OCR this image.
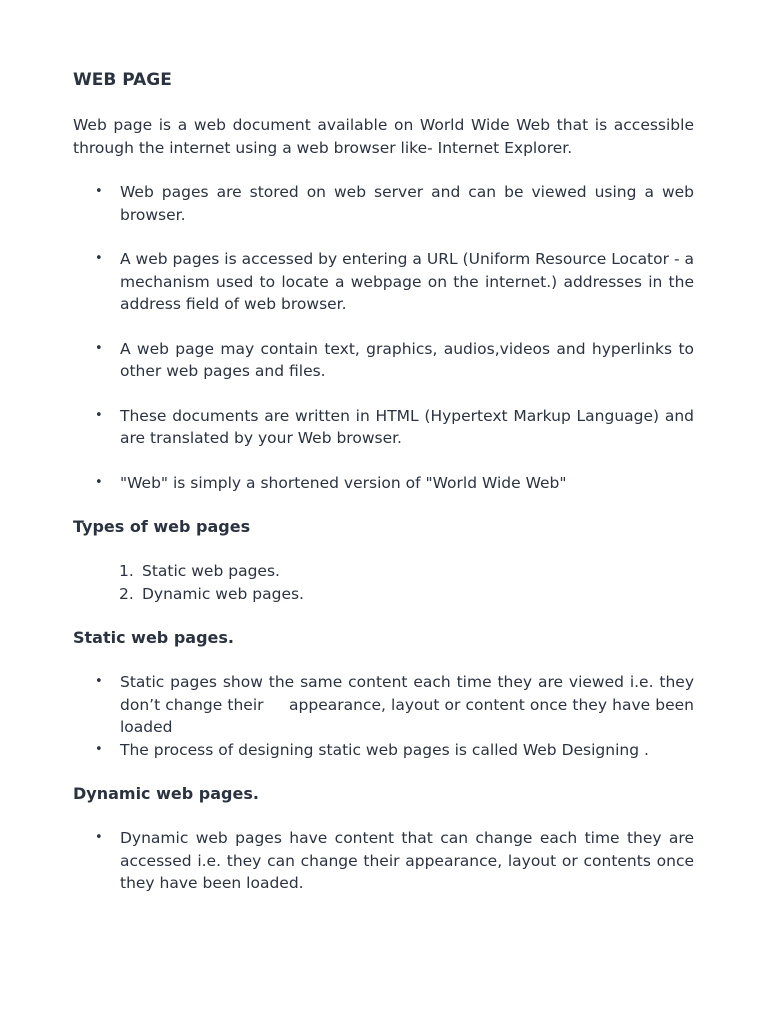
WEB PAGE
Web page is a web document available on World Wide Web that is accessible through the internet using a web browser like- Internet Explorer.
• Web pages are stored on web server and can be viewed using a web browser.
• A web pages is accessed by entering a URL (Uniform Resource Locator - a mechanism used to locate a webpage on the internet.) addresses in the address field of web browser.
• A web page may contain text, graphics, audios,videos and hyperlinks to other web pages and files.
• These documents are written in HTML (Hypertext Markup Language) and are translated by your Web browser.
• "Web" is simply a shortened version of "World Wide Web"
Types of web pages
1. Static web pages.
2. Dynamic web pages.
Static web pages.
• Static pages show the same content each time they are viewed i.e. they don’t change their     appearance, layout or content once they have been loaded
• The process of designing static web pages is called Web Designing .
Dynamic web pages.
• Dynamic web pages have content that can change each time they are accessed i.e. they can change their appearance, layout or contents once they have been loaded.
